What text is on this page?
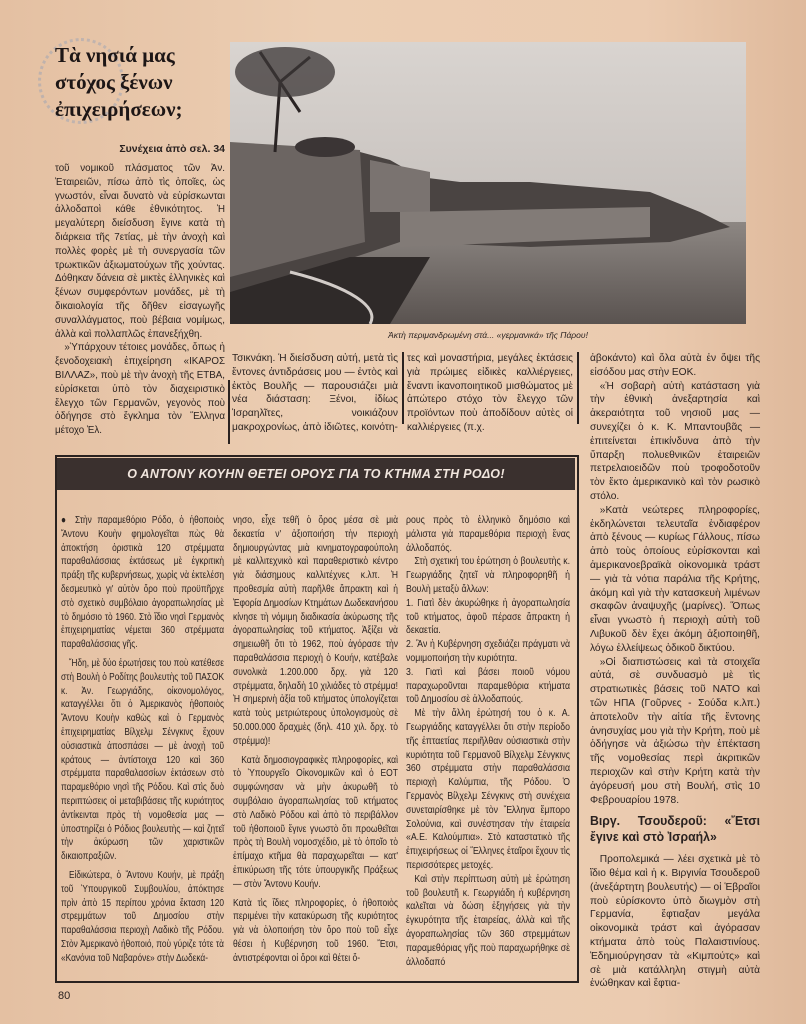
Τὰ νησιά μας στόχος ξένων ἐπιχειρήσεων;
Συνέχεια ἀπὸ σελ. 34

τοῦ νομικοῦ πλάσματος τῶν Ἀν. Ἐταιρειῶν, πίσω ἀπὸ τὶς ὁποῖες, ὡς γνωστόν, εἶναι δυνατὸ νὰ εὑρίσκωνται ἀλλοδαποὶ κάθε ἐθνικότητος. Ἡ μεγαλύτερη διείσδυση ἔγινε κατὰ τὴ διάρκεια τῆς 7ετίας, μὲ τὴν ἀνοχὴ καὶ πολλὲς φορὲς μὲ τὴ συνεργασία τῶν τρωκτικῶν ἀξιωματούχων τῆς χούντας. Δόθηκαν δάνεια σὲ μικτὲς ἑλληνικὲς καὶ ξένων συμφερόντων μονάδες, μὲ τὴ δικαιολογία τῆς δῆθεν εἰσαγωγῆς συναλλάγματος, ποὺ βέβαια νομίμως, ἀλλὰ καὶ πολλαπλῶς ἐπανεξήχθη.

»Ὑπάρχουν τέτοιες μονάδες, ὅπως ἡ ξενοδοχειακὴ ἐπιχείρηση «ΙΚΑΡΟΣ ΒΙΛΛΑΖ», ποὺ μὲ τὴν ἀνοχὴ τῆς ΕΤΒΑ, εὑρίσκεται ὑπὸ τὸν διαχειριστικὸ ἔλεγχο τῶν Γερμανῶν, γεγονὸς ποὺ ὁδήγησε στὸ ἔγκλημα τὸν Ἕλληνα μέτοχο Ἐλ.

Ἀκτὴ περιμανδρωμένη στά... «γερμανικά» τῆς Πάρου!

Τσικνάκη. Ἡ διείσδυση αὐτή, μετὰ τὶς ἔντονες ἀντιδράσεις μου — ἐντὸς καὶ ἐκτὸς Βουλῆς — παρουσιάζει μιὰ νέα διάσταση: Ξένοι, ἰδίως Ἰσραηλῖτες, νοικιάζουν μακροχρονίως, ἀπὸ ἰδιῶτες, κοινότη-

τες καὶ μοναστήρια, μεγάλες ἐκτάσεις γιὰ πρώιμες εἰδικὲς καλλιέργειες, ἔναντι ἱκανοποιητικοῦ μισθώματος μὲ ἀπώτερο στόχο τὸν ἔλεγχο τῶν προϊόντων ποὺ ἀποδίδουν αὐτὲς οἱ καλλιέργειες (π.χ.

ἀβοκάντο) καὶ ὅλα αὐτὰ ἐν ὄψει τῆς εἰσόδου μας στὴν ΕΟΚ.

«Ἡ σοβαρὴ αὐτὴ κατάσταση γιὰ τὴν ἐθνικὴ ἀνεξαρτησία καὶ ἀκεραιότητα τοῦ νησιοῦ μας — συνεχίζει ὁ κ. Κ. Μπαντουβᾶς — ἐπιτείνεται ἐπικίνδυνα ἀπὸ τὴν ὕπαρξη πολυεθνικῶν ἑταιρειῶν πετρελαιοειδῶν ποὺ τροφοδοτοῦν τὸν ἕκτο ἀμερικανικὸ καὶ τὸν ρωσικὸ στόλο.

»Κατὰ νεώτερες πληροφορίες, ἐκδηλώνεται τελευταῖα ἐνδιαφέρον ἀπὸ ξένους — κυρίως Γάλλους, πίσω ἀπὸ τοὺς ὁποίους εὑρίσκονται καὶ ἀμερικανοεβραϊκὰ οἰκονομικὰ τράστ — γιὰ τὰ νότια παράλια τῆς Κρήτης, ἀκόμη καὶ γιὰ τὴν κατασκευὴ λιμένων σκαφῶν ἀναψυχῆς (μαρίνες). Ὅπως εἶναι γνωστὸ ἡ περιοχὴ αὐτὴ τοῦ Λιβυκοῦ δὲν ἔχει ἀκόμη ἀξιοποιηθῆ, λόγω ἐλλείψεως ὁδικοῦ δικτύου.

»Οἱ διαπιστώσεις καὶ τὰ στοιχεῖα αὐτά, σὲ συνδυασμὸ μὲ τὶς στρατιωτικὲς βάσεις τοῦ ΝΑΤΟ καὶ τῶν ΗΠΑ (Γοῦρνες - Σούδα κ.λπ.) ἀποτελοῦν τὴν αἰτία τῆς ἔντονης ἀνησυχίας μου γιὰ τὴν Κρήτη, ποὺ μὲ ὁδήγησε νὰ ἀξιώσω τὴν ἐπέκταση τῆς νομοθεσίας περὶ ἀκριτικῶν περιοχῶν καὶ στὴν Κρήτη κατὰ τὴν ἀγόρευσή μου στὴ Βουλή, στὶς 10 Φεβρουαρίου 1978.

Βιργ. Τσουδεροῦ: «Ἔτσι ἔγινε καὶ στὸ Ἰσραήλ»

Προπολεμικά — λέει σχετικὰ μὲ τὸ ἴδιο θέμα καὶ ἡ κ. Βιργινία Τσουδεροῦ (ἀνεξάρτητη βουλευτής) — οἱ Ἑβραῖοι ποὺ εὑρίσκοντο ὑπὸ διωγμὸν στὴ Γερμανία, ἔφτιαξαν μεγάλα οἰκονομικὰ τράστ καὶ ἀγόρασαν κτήματα ἀπὸ τοὺς Παλαιστινίους. Ἐδημιούργησαν τὰ «Κιμπούτς» καὶ σὲ μιὰ κατάλληλη στιγμὴ αὐτὰ ἑνώθηκαν καὶ ἔφτια-

Ο ΑΝΤΟΝΥ ΚΟΥΗΝ ΘΕΤΕΙ ΟΡΟΥΣ ΓΙΑ ΤΟ ΚΤΗΜΑ ΣΤΗ ΡΟΔΟ!

● Στὴν παραμεθόριο Ρόδο, ὁ ἠθοποιὸς Ἄντονυ Κουὴν φημολογεῖται πὼς θὰ ἀποκτήση ὁριστικὰ 120 στρέμματα παραθαλάσσιας ἐκτάσεως μὲ ἐγκριτικὴ πράξη τῆς κυβερνήσεως, χωρὶς νὰ ἐκτελέση δεσμευτικὸ γι' αὐτὸν ὅρο ποὺ προϋπῆρχε στὸ σχετικὸ συμβόλαιο ἀγοραπωλησίας μὲ τὸ δημόσιο τὸ 1960. Στὸ ἴδιο νησὶ Γερμανὸς ἐπιχειρηματίας νέμεται 360 στρέμματα παραθαλάσσιας γῆς.

Ἤδη, μὲ δύο ἐρωτήσεις του ποὺ κατέθεσε στὴ Βουλὴ ὁ Ροδίτης βουλευτὴς τοῦ ΠΑΣΟΚ κ. Ἀν. Γεωργιάδης, οἰκονομολόγος, καταγγέλλει ὅτι ὁ Ἀμερικανὸς ἠθοποιὸς Ἄντονυ Κουὴν καθὼς καὶ ὁ Γερμανὸς ἐπιχειρηματίας Βίλχελμ Σένγκινς ἔχουν οὐσιαστικὰ ἀποσπάσει — μὲ ἀνοχὴ τοῦ κράτους — ἀντίστοιχα 120 καὶ 360 στρέμματα παραθαλασσίων ἐκτάσεων στὸ παραμεθόριο νησὶ τῆς Ρόδου. Καὶ στὶς δυὸ περιπτώσεις οἱ μεταβιβάσεις τῆς κυριότητος ἀντίκεινται πρὸς τὴ νομοθεσία μας — ὑποστηρίζει ὁ Ρόδιος βουλευτὴς — καὶ ζητεῖ τὴν ἀκύρωση τῶν χαριστικῶν δικαιοπραξιῶν.

Εἰδικώτερα, ὁ Ἄντονυ Κουήν, μὲ πράξη τοῦ Ὑπουργικοῦ Συμβουλίου, ἀπόκτησε πρὶν ἀπὸ 15 περίπου χρόνια ἔκταση 120 στρεμμάτων τοῦ Δημοσίου στὴν παραθαλάσσια περιοχὴ Λαδικὸ τῆς Ρόδου. Στὸν Ἀμερικανὸ ἠθοποιό, ποὺ γύριζε τότε τὰ «Κανόνια τοῦ Ναβαρόνε» στὴν Δωδεκά-

νησο, εἶχε τεθῆ ὁ ὅρος μέσα σὲ μιὰ δεκαετία ν' ἀξιοποιήση τὴν περιοχὴ δημιουργώντας μιὰ κινηματογραφούπολη μὲ καλλιτεχνικὸ καὶ παραθεριστικὸ κέντρο γιὰ διάσημους καλλιτέχνες κ.λπ. Ἡ προθεσμία αὐτὴ παρῆλθε ἄπρακτη καὶ ἡ Ἐφορία Δημοσίων Κτημάτων Δωδεκανήσου κίνησε τὴ νόμιμη διαδικασία ἀκύρωσης τῆς ἀγοραπωλησίας τοῦ κτήματος. Ἀξίζει νὰ σημειωθῆ ὅτι τὸ 1962, ποὺ ἀγόρασε τὴν παραθαλάσσια περιοχὴ ὁ Κουήν, κατέβαλε συνολικὰ 1.200.000 δρχ. γιὰ 120 στρέμματα, δηλαδὴ 10 χιλιάδες τὸ στρέμμα! Ἡ σημερινὴ ἀξία τοῦ κτήματος ὑπολογίζεται κατὰ τοὺς μετριώτερους ὑπολογισμοὺς σὲ 50.000.000 δραχμὲς (δηλ. 410 χιλ. δρχ. τὸ στρέμμα)!

Κατὰ δημοσιογραφικὲς πληροφορίες, καὶ τὸ Ὑπουργεῖο Οἰκονομικῶν καὶ ὁ ΕΟΤ συμφώνησαν νὰ μὴν ἀκυρωθῆ τὸ συμβόλαιο ἀγοραπωλησίας τοῦ κτήματος στὸ Λαδικὸ Ρόδου καὶ ἀπὸ τὸ περιβάλλον τοῦ ἠθοποιοῦ ἔγινε γνωστὸ ὅτι προωθεῖται πρὸς τὴ Βουλὴ νομοσχέδιο, μὲ τὸ ὁποῖο τὸ ἐπίμαχο κτῆμα θὰ παραχωρεῖται — κατ' ἐπικύρωση τῆς τότε ὑπουργικῆς Πράξεως— στὸν Ἄντονυ Κουήν.

Κατὰ τὶς ἴδιες πληροφορίες, ὁ ἠθοποιὸς περιμένει τὴν κατακύρωση τῆς κυριότητος γιὰ νὰ ὁλοποιήση τὸν ὅρο ποὺ τοῦ εἶχε θέσει ἡ Κυβέρνηση τοῦ 1960. Ἔτσι, ἀντιστρέφονται οἱ ὅροι καὶ θέτει ὅ-

ρους πρὸς τὸ ἑλληνικὸ δημόσιο καὶ μάλιστα γιὰ παραμεθόρια περιοχὴ ἕνας ἀλλοδαπός.

Στὴ σχετική του ἐρώτηση ὁ βουλευτὴς κ. Γεωργιάδης ζητεῖ νὰ πληροφορηθῆ ἡ Βουλὴ μεταξὺ ἄλλων:

1. Γιατὶ δὲν ἀκυρώθηκε ἡ ἀγοραπωλησία τοῦ κτήματος, ἀφοῦ πέρασε ἄπρακτη ἡ δεκαετία.

2. Ἂν ἡ Κυβέρνηση σχεδιάζει πράγματι νὰ νομιμοποιήση τὴν κυριότητα.

3. Γιατὶ καὶ βάσει ποιοῦ νόμου παραχωροῦνται παραμεθόρια κτήματα τοῦ Δημοσίου σὲ ἀλλοδαπούς.

Μὲ τὴν ἄλλη ἐρώτησή του ὁ κ. Α. Γεωργιάδης καταγγέλλει ὅτι στὴν περίοδο τῆς ἑπταετίας περιῆλθαν οὐσιαστικὰ στὴν κυριότητα τοῦ Γερμανοῦ Βίλχελμ Σένγκινς 360 στρέμματα στὴν παραθαλάσσια περιοχὴ Καλύμπια, τῆς Ρόδου. Ὁ Γερμανὸς Βίλχελμ Σένγκινς στὴ συνέχεια συνεταιρίσθηκε μὲ τὸν Ἕλληνα ἔμπορο Σολούνια, καὶ συνέστησαν τὴν ἑταιρεία «Α.Ε. Καλούμπια». Στὸ καταστατικὸ τῆς ἐπιχειρήσεως οἱ Ἕλληνες ἑταῖροι ἔχουν τὶς περισσότερες μετοχές.

Καὶ στὴν περίπτωση αὐτὴ μὲ ἐρώτηση τοῦ βουλευτῆ κ. Γεωργιάδη ἡ κυβέρνηση καλεῖται νὰ δώση ἐξηγήσεις γιὰ τὴν ἐγκυρότητα τῆς ἑταιρείας, ἀλλὰ καὶ τῆς ἀγοραπωλησίας τῶν 360 στρεμμάτων παραμεθόριας γῆς ποὺ παραχωρήθηκε σὲ ἀλλοδαπό

80
